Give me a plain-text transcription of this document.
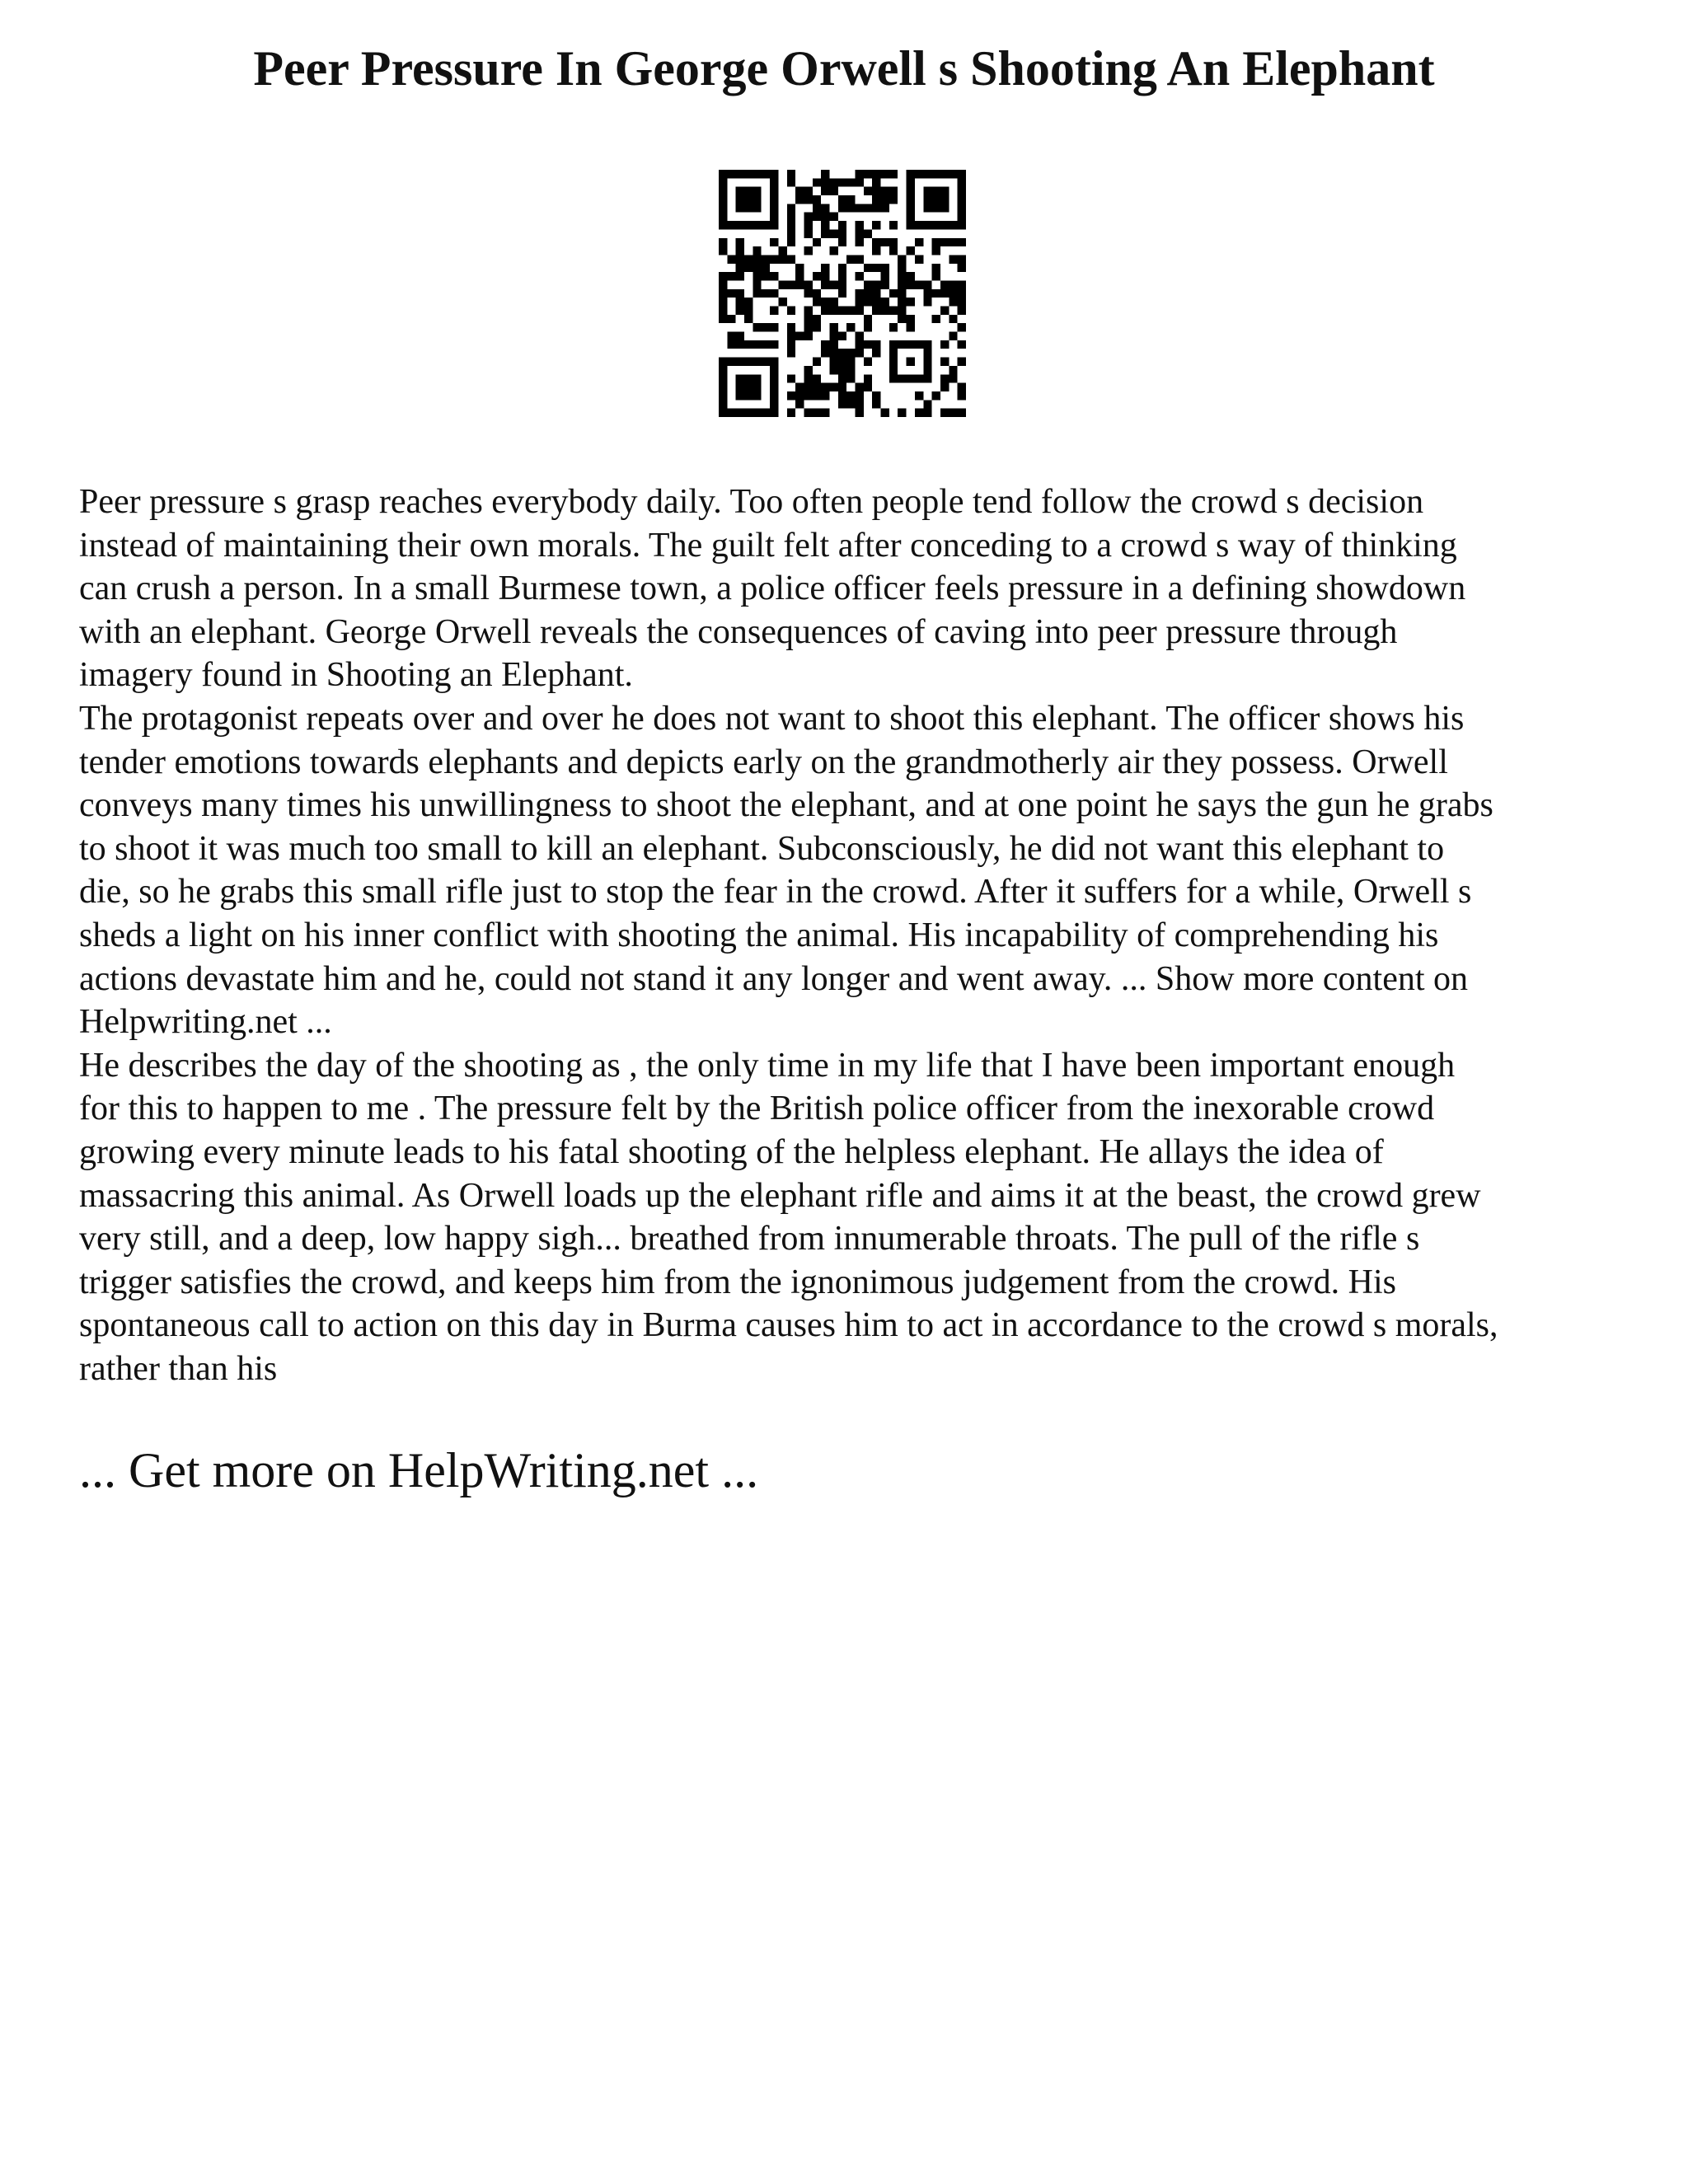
Peer Pressure In George Orwell s Shooting An Elephant

Peer pressure s grasp reaches everybody daily. Too often people tend follow the crowd s decision
instead of maintaining their own morals. The guilt felt after conceding to a crowd s way of thinking
can crush a person. In a small Burmese town, a police officer feels pressure in a defining showdown
with an elephant. George Orwell reveals the consequences of caving into peer pressure through
imagery found in Shooting an Elephant.

The protagonist repeats over and over he does not want to shoot this elephant. The officer shows his
tender emotions towards elephants and depicts early on the grandmotherly air they possess. Orwell
conveys many times his unwillingness to shoot the elephant, and at one point he says the gun he grabs
to shoot it was much too small to kill an elephant. Subconsciously, he did not want this elephant to
die, so he grabs this small rifle just to stop the fear in the crowd. After it suffers for a while, Orwell s
sheds a light on his inner conflict with shooting the animal. His incapability of comprehending his
actions devastate him and he, could not stand it any longer and went away. ... Show more content on
Helpwriting.net ...

He describes the day of the shooting as , the only time in my life that I have been important enough
for this to happen to me . The pressure felt by the British police officer from the inexorable crowd
growing every minute leads to his fatal shooting of the helpless elephant. He allays the idea of
massacring this animal. As Orwell loads up the elephant rifle and aims it at the beast, the crowd grew
very still, and a deep, low happy sigh... breathed from innumerable throats. The pull of the rifle s
trigger satisfies the crowd, and keeps him from the ignonimous judgement from the crowd. His
spontaneous call to action on this day in Burma causes him to act in accordance to the crowd s morals,
rather than his

... Get more on HelpWriting.net ...
